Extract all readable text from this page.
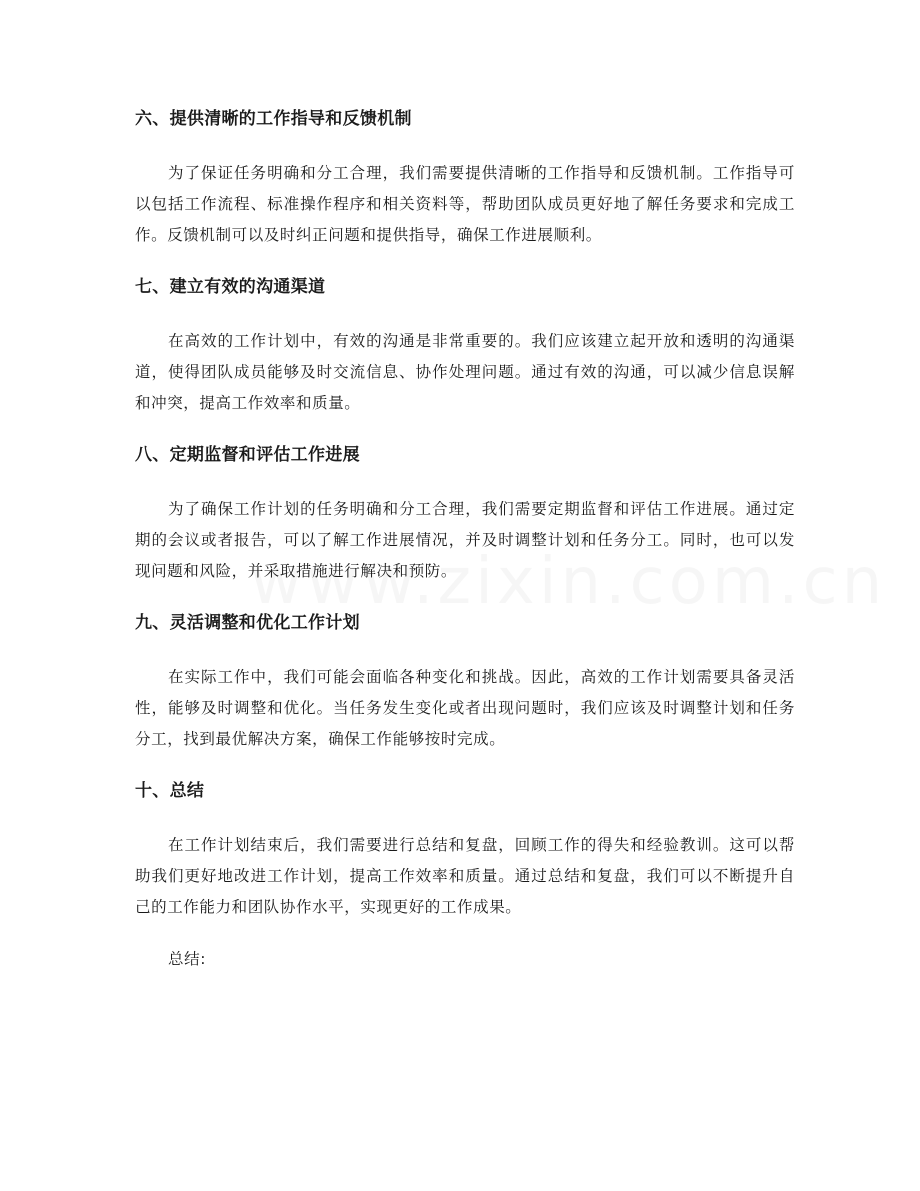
六、提供清晰的工作指导和反馈机制

为了保证任务明确和分工合理，我们需要提供清晰的工作指导和反馈机制。工作指导可以包括工作流程、标准操作程序和相关资料等，帮助团队成员更好地了解任务要求和完成工作。反馈机制可以及时纠正问题和提供指导，确保工作进展顺利。

七、建立有效的沟通渠道

在高效的工作计划中，有效的沟通是非常重要的。我们应该建立起开放和透明的沟通渠道，使得团队成员能够及时交流信息、协作处理问题。通过有效的沟通，可以减少信息误解和冲突，提高工作效率和质量。

八、定期监督和评估工作进展

为了确保工作计划的任务明确和分工合理，我们需要定期监督和评估工作进展。通过定期的会议或者报告，可以了解工作进展情况，并及时调整计划和任务分工。同时，也可以发现问题和风险，并采取措施进行解决和预防。

九、灵活调整和优化工作计划

在实际工作中，我们可能会面临各种变化和挑战。因此，高效的工作计划需要具备灵活性，能够及时调整和优化。当任务发生变化或者出现问题时，我们应该及时调整计划和任务分工，找到最优解决方案，确保工作能够按时完成。

十、总结

在工作计划结束后，我们需要进行总结和复盘，回顾工作的得失和经验教训。这可以帮助我们更好地改进工作计划，提高工作效率和质量。通过总结和复盘，我们可以不断提升自己的工作能力和团队协作水平，实现更好的工作成果。

总结:
